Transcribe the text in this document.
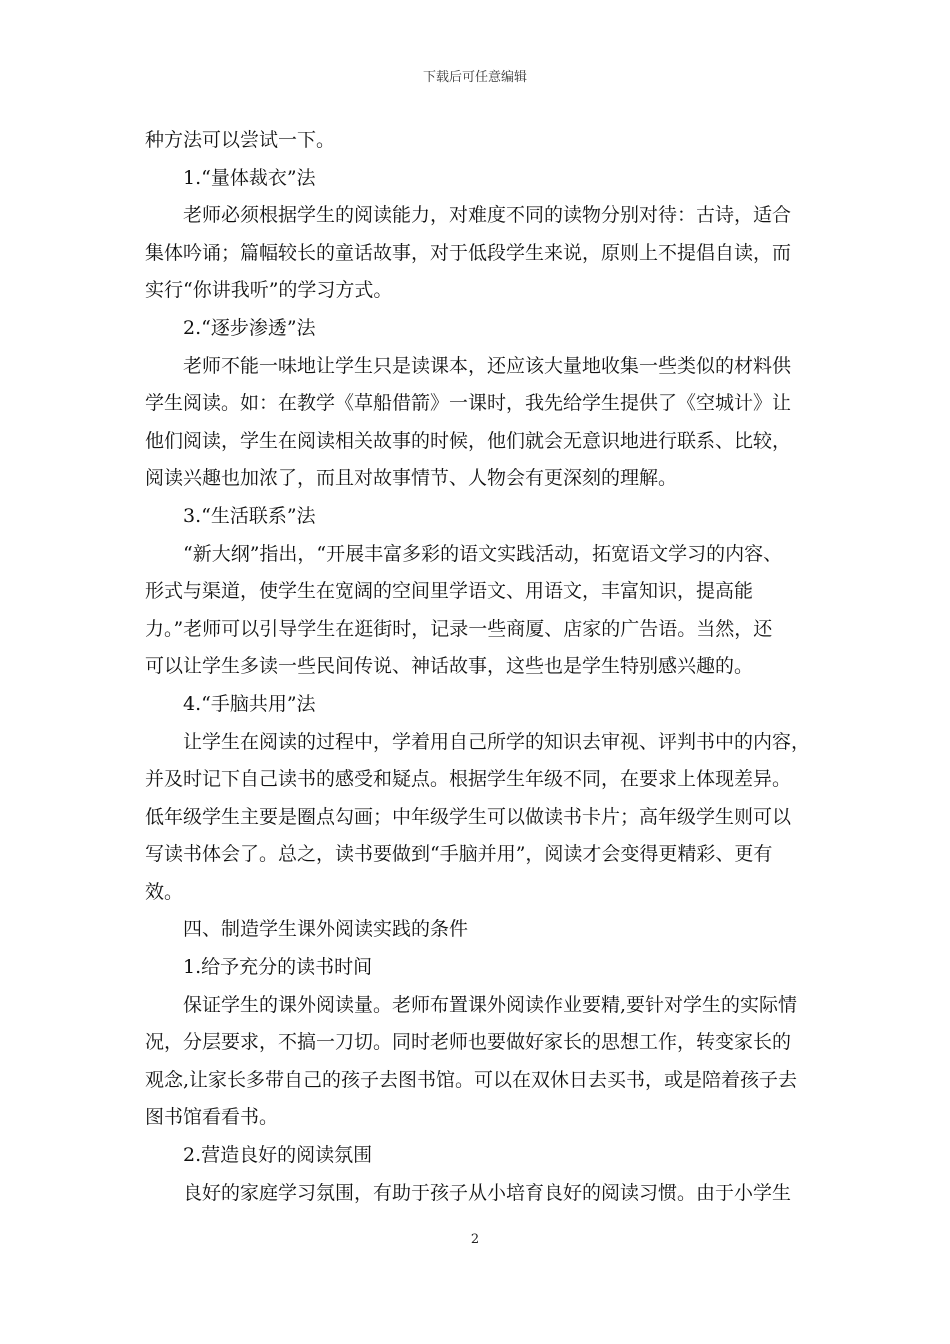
下载后可任意编辑
种方法可以尝试一下。
1.“量体裁衣”法
老师必须根据学生的阅读能力，对难度不同的读物分别对待：古诗，适合
集体吟诵；篇幅较长的童话故事，对于低段学生来说，原则上不提倡自读，而
实行“你讲我听”的学习方式。
2.“逐步渗透”法
老师不能一味地让学生只是读课本，还应该大量地收集一些类似的材料供
学生阅读。如：在教学《草船借箭》一课时，我先给学生提供了《空城计》让
他们阅读，学生在阅读相关故事的时候，他们就会无意识地进行联系、比较，
阅读兴趣也加浓了，而且对故事情节、人物会有更深刻的理解。
3.“生活联系”法
“新大纲”指出，“开展丰富多彩的语文实践活动，拓宽语文学习的内容、
形式与渠道，使学生在宽阔的空间里学语文、用语文，丰富知识，提高能
力。”老师可以引导学生在逛街时，记录一些商厦、店家的广告语。当然，还
可以让学生多读一些民间传说、神话故事，这些也是学生特别感兴趣的。
4.“手脑共用”法
让学生在阅读的过程中，学着用自己所学的知识去审视、评判书中的内容，
并及时记下自己读书的感受和疑点。根据学生年级不同，在要求上体现差异。
低年级学生主要是圈点勾画；中年级学生可以做读书卡片；高年级学生则可以
写读书体会了。总之，读书要做到“手脑并用”，阅读才会变得更精彩、更有
效。
四、制造学生课外阅读实践的条件
1.给予充分的读书时间
保证学生的课外阅读量。老师布置课外阅读作业要精,要针对学生的实际情
况，分层要求，不搞一刀切。同时老师也要做好家长的思想工作，转变家长的
观念,让家长多带自己的孩子去图书馆。可以在双休日去买书，或是陪着孩子去
图书馆看看书。
2.营造良好的阅读氛围
良好的家庭学习氛围，有助于孩子从小培育良好的阅读习惯。由于小学生
2
